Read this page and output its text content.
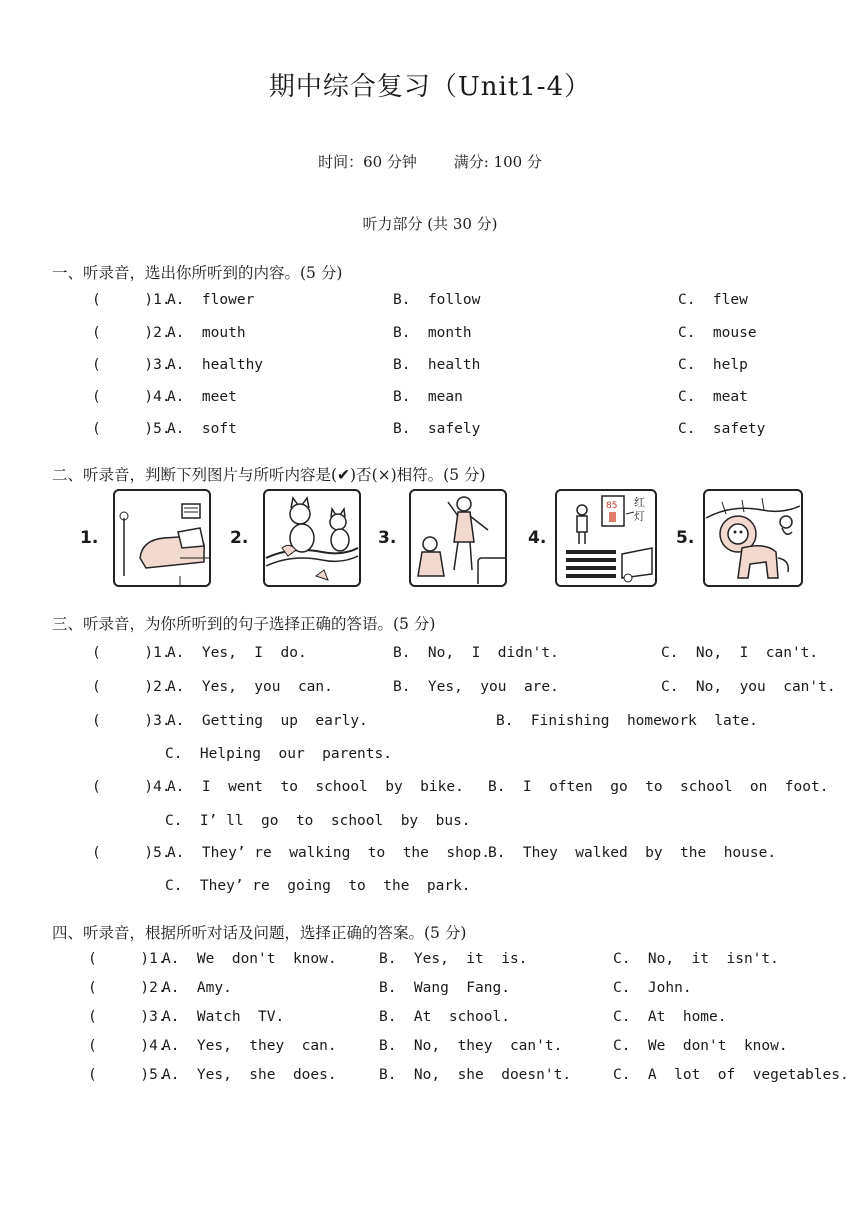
期中综合复习（Unit1-4）
时间：60 分钟 满分: 100 分
听力部分 (共 30 分)
一、听录音，选出你所听到的内容。(5 分)
(     )1.
A.  flower	B.  follow	C.  flew
(     )2.
A.  mouth	B.  month	C.  mouse
(     )3.
A.  healthy	B.  health	C.  help
(     )4.
A.  meet	B.  mean	C.  meat
(     )5.
A.  soft	B.  safely	C.  safety
二、听录音，判断下列图片与所听内容是(✔)否(×)相符。(5 分)
1.	2.	3.	4.
85 红
灯
5.
三、听录音，为你所听到的句子选择正确的答语。(5 分)
(     )1.
A.  Yes,  I  do.	B.  No,  I  didn't.	C.  No,  I  can't.
(     )2.
A.  Yes,  you  can.	B.  Yes,  you  are.	C.  No,  you  can't.
(     )3.
A.  Getting  up  early.	B.  Finishing  homework  late.
C.  Helping  our  parents.
(     )4.
A.  I  went  to  school  by  bike. B.  I  often  go  to  school  on  foot.
C.  I’ ll  go  to  school  by  bus.
(     )5.
A.  They’ re  walking  to  the  shop.
B.  They  walked  by  the  house.
C.  They’ re  going  to  the  park.
四、听录音，根据所听对话及问题，选择正确的答案。(5 分)
(     )1.
A.  We  don't  know.	B.  Yes,  it  is.	C.  No,  it  isn't.
(     )2.
A.  Amy.	B.  Wang  Fang.	C.  John.
(     )3.
A.  Watch  TV.	B.  At  school.	C.  At  home.
(     )4.
A.  Yes,  they  can.	B.  No,  they  can't.	C.  We  don't  know.
(     )5.
A.  Yes,  she  does.	B.  No,  she  doesn't.	C.  A  lot  of  vegetables.
